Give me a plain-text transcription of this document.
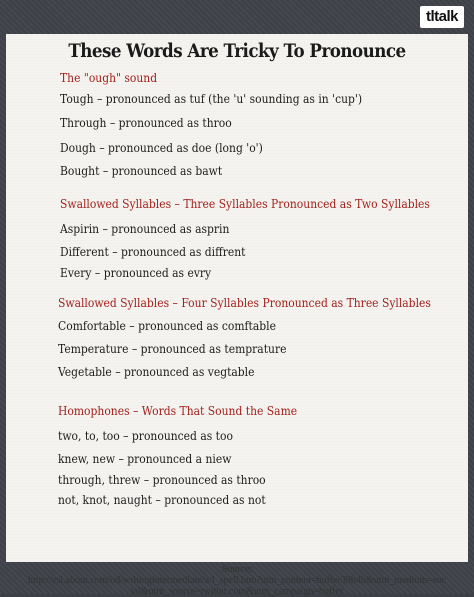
tltalk
These Words Are Tricky To Pronounce
The "ough" sound
Tough – pronounced as tuf (the 'u' sounding as in 'cup')
Through – pronounced as throo
Dough – pronounced as doe (long 'o')
Bought – pronounced as bawt
Swallowed Syllables – Three Syllables Pronounced as Two Syllables
Aspirin – pronounced as asprin
Different – pronounced as diffrent
Every – pronounced as evry
Swallowed Syllables – Four Syllables Pronounced as Three Syllables
Comfortable – pronounced as comftable
Temperature – pronounced as temprature
Vegetable – pronounced as vegtable
Homophones – Words That Sound the Same
two, to, too – pronounced as too
knew, new – pronounced a niew
through, threw – pronounced as throo
not, knot, naught – pronounced as not
Source:
http://esl.about.com/od/writingintermediate/a/l_spell.htm?utm_content=buffer39b4b&utm_medium=soc
ial&utm_source=twitter.com&utm_campaign=buffer
